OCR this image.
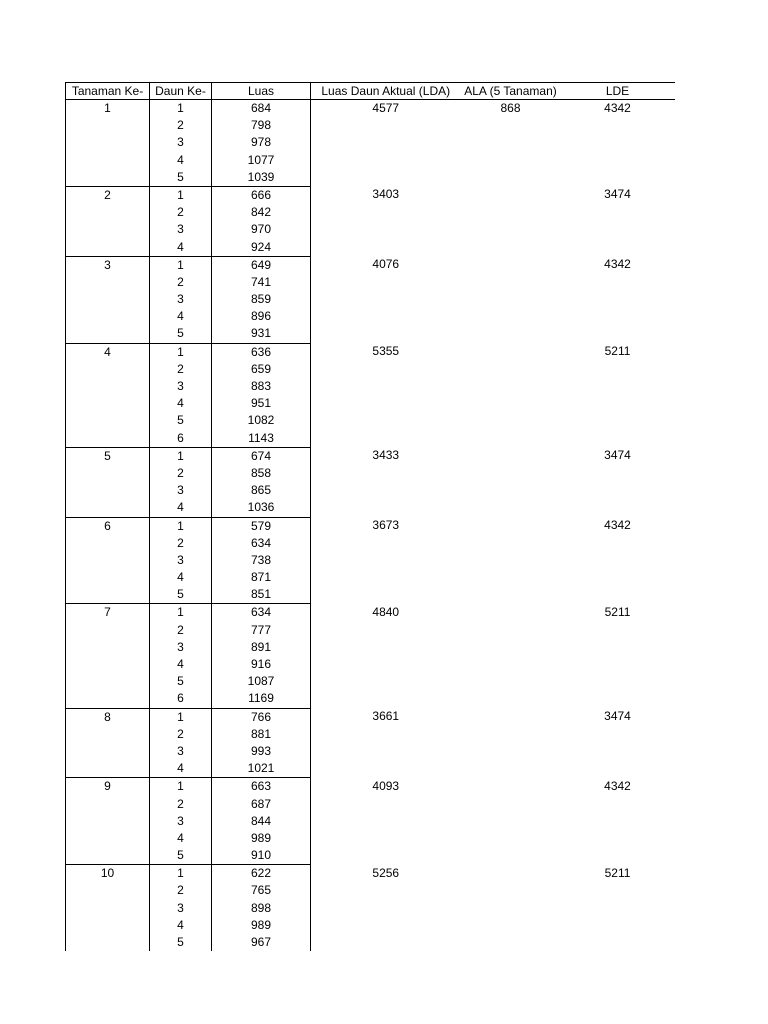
Tanaman Ke-	Daun Ke-	Luas	Luas Daun Aktual (LDA)	ALA (5 Tanaman)	LDE
1	1	684	4577	868	4342
	2	798			
	3	978			
	4	1077			
	5	1039			
2	1	666	3403		3474
	2	842			
	3	970			
	4	924			
3	1	649	4076		4342
	2	741			
	3	859			
	4	896			
	5	931			
4	1	636	5355		5211
	2	659			
	3	883			
	4	951			
	5	1082			
	6	1143			
5	1	674	3433		3474
	2	858			
	3	865			
	4	1036			
6	1	579	3673		4342
	2	634			
	3	738			
	4	871			
	5	851			
7	1	634	4840		5211
	2	777			
	3	891			
	4	916			
	5	1087			
	6	1169			
8	1	766	3661		3474
	2	881			
	3	993			
	4	1021			
9	1	663	4093		4342
	2	687			
	3	844			
	4	989			
	5	910			
10	1	622	5256		5211
	2	765			
	3	898			
	4	989			
	5	967			
